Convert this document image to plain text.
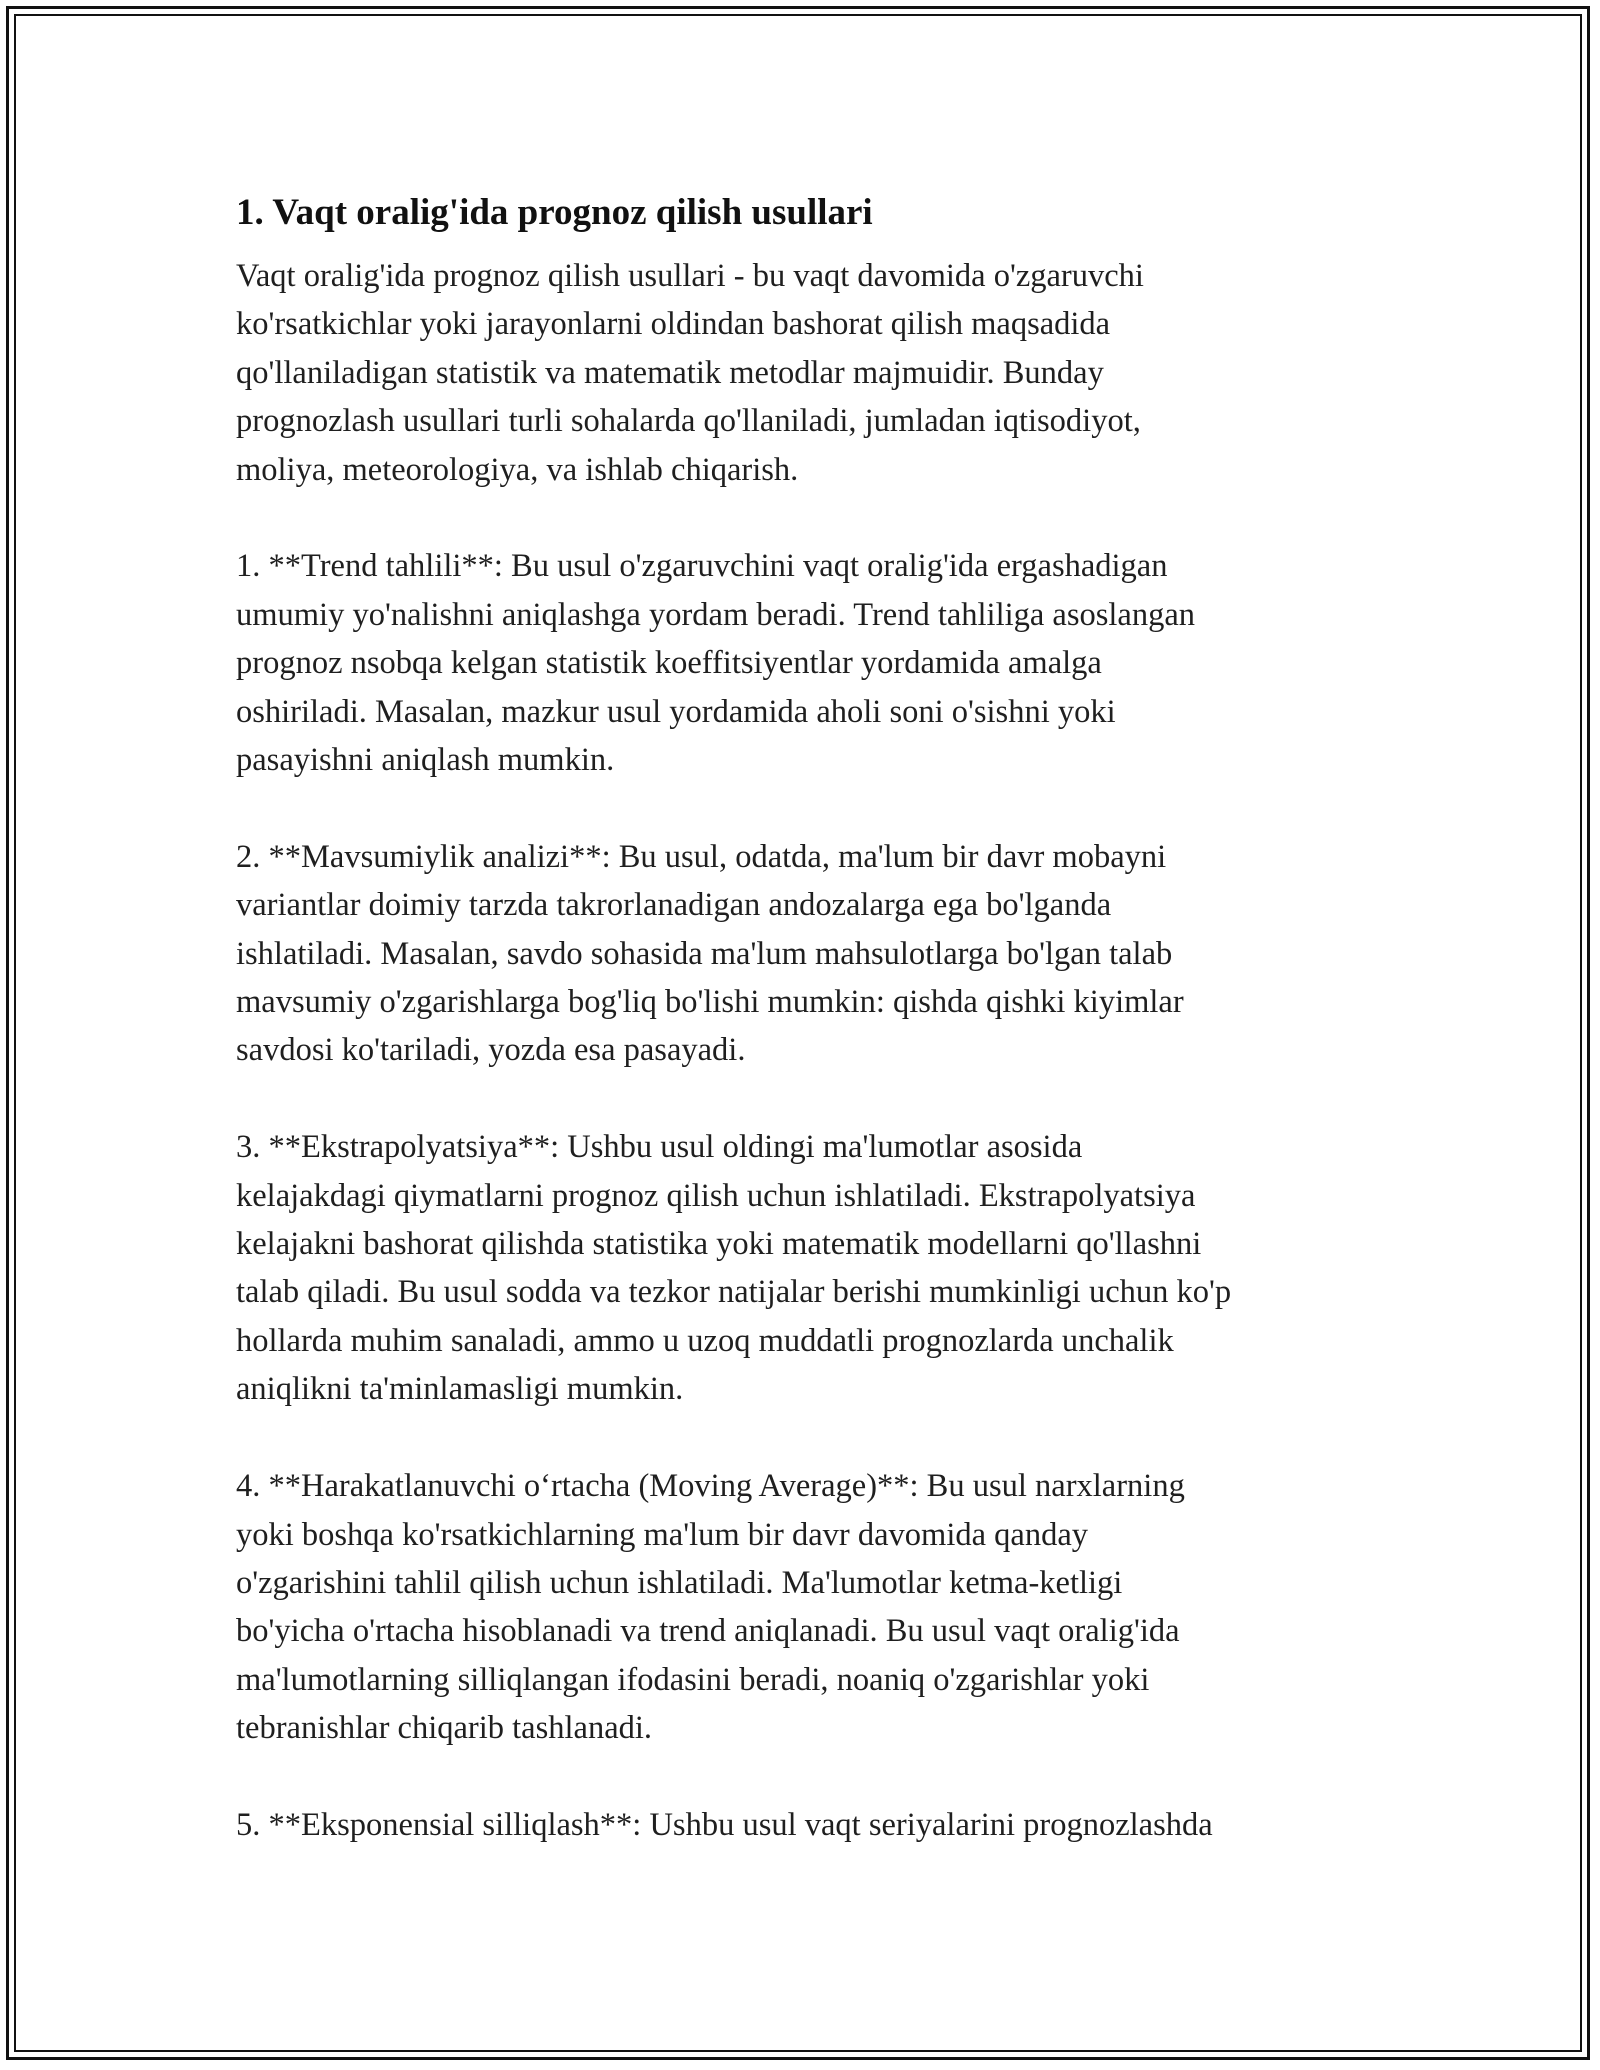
1. Vaqt oralig'ida prognoz qilish usullari

Vaqt oralig'ida prognoz qilish usullari - bu vaqt davomida o'zgaruvchi
ko'rsatkichlar yoki jarayonlarni oldindan bashorat qilish maqsadida
qo'llaniladigan statistik va matematik metodlar majmuidir. Bunday
prognozlash usullari turli sohalarda qo'llaniladi, jumladan iqtisodiyot,
moliya, meteorologiya, va ishlab chiqarish.

1. **Trend tahlili**: Bu usul o'zgaruvchini vaqt oralig'ida ergashadigan
umumiy yo'nalishni aniqlashga yordam beradi. Trend tahliliga asoslangan
prognoz nsobqa kelgan statistik koeffitsiyentlar yordamida amalga
oshiriladi. Masalan, mazkur usul yordamida aholi soni o'sishni yoki
pasayishni aniqlash mumkin.

2. **Mavsumiylik analizi**: Bu usul, odatda, ma'lum bir davr mobayni
variantlar doimiy tarzda takrorlanadigan andozalarga ega bo'lganda
ishlatiladi. Masalan, savdo sohasida ma'lum mahsulotlarga bo'lgan talab
mavsumiy o'zgarishlarga bog'liq bo'lishi mumkin: qishda qishki kiyimlar
savdosi ko'tariladi, yozda esa pasayadi.

3. **Ekstrapolyatsiya**: Ushbu usul oldingi ma'lumotlar asosida
kelajakdagi qiymatlarni prognoz qilish uchun ishlatiladi. Ekstrapolyatsiya
kelajakni bashorat qilishda statistika yoki matematik modellarni qo'llashni
talab qiladi. Bu usul sodda va tezkor natijalar berishi mumkinligi uchun ko'p
hollarda muhim sanaladi, ammo u uzoq muddatli prognozlarda unchalik
aniqlikni ta'minlamasligi mumkin.

4. **Harakatlanuvchi o‘rtacha (Moving Average)**: Bu usul narxlarning
yoki boshqa ko'rsatkichlarning ma'lum bir davr davomida qanday
o'zgarishini tahlil qilish uchun ishlatiladi. Ma'lumotlar ketma-ketligi
bo'yicha o'rtacha hisoblanadi va trend aniqlanadi. Bu usul vaqt oralig'ida
ma'lumotlarning silliqlangan ifodasini beradi, noaniq o'zgarishlar yoki
tebranishlar chiqarib tashlanadi.

5. **Eksponensial silliqlash**: Ushbu usul vaqt seriyalarini prognozlashda
